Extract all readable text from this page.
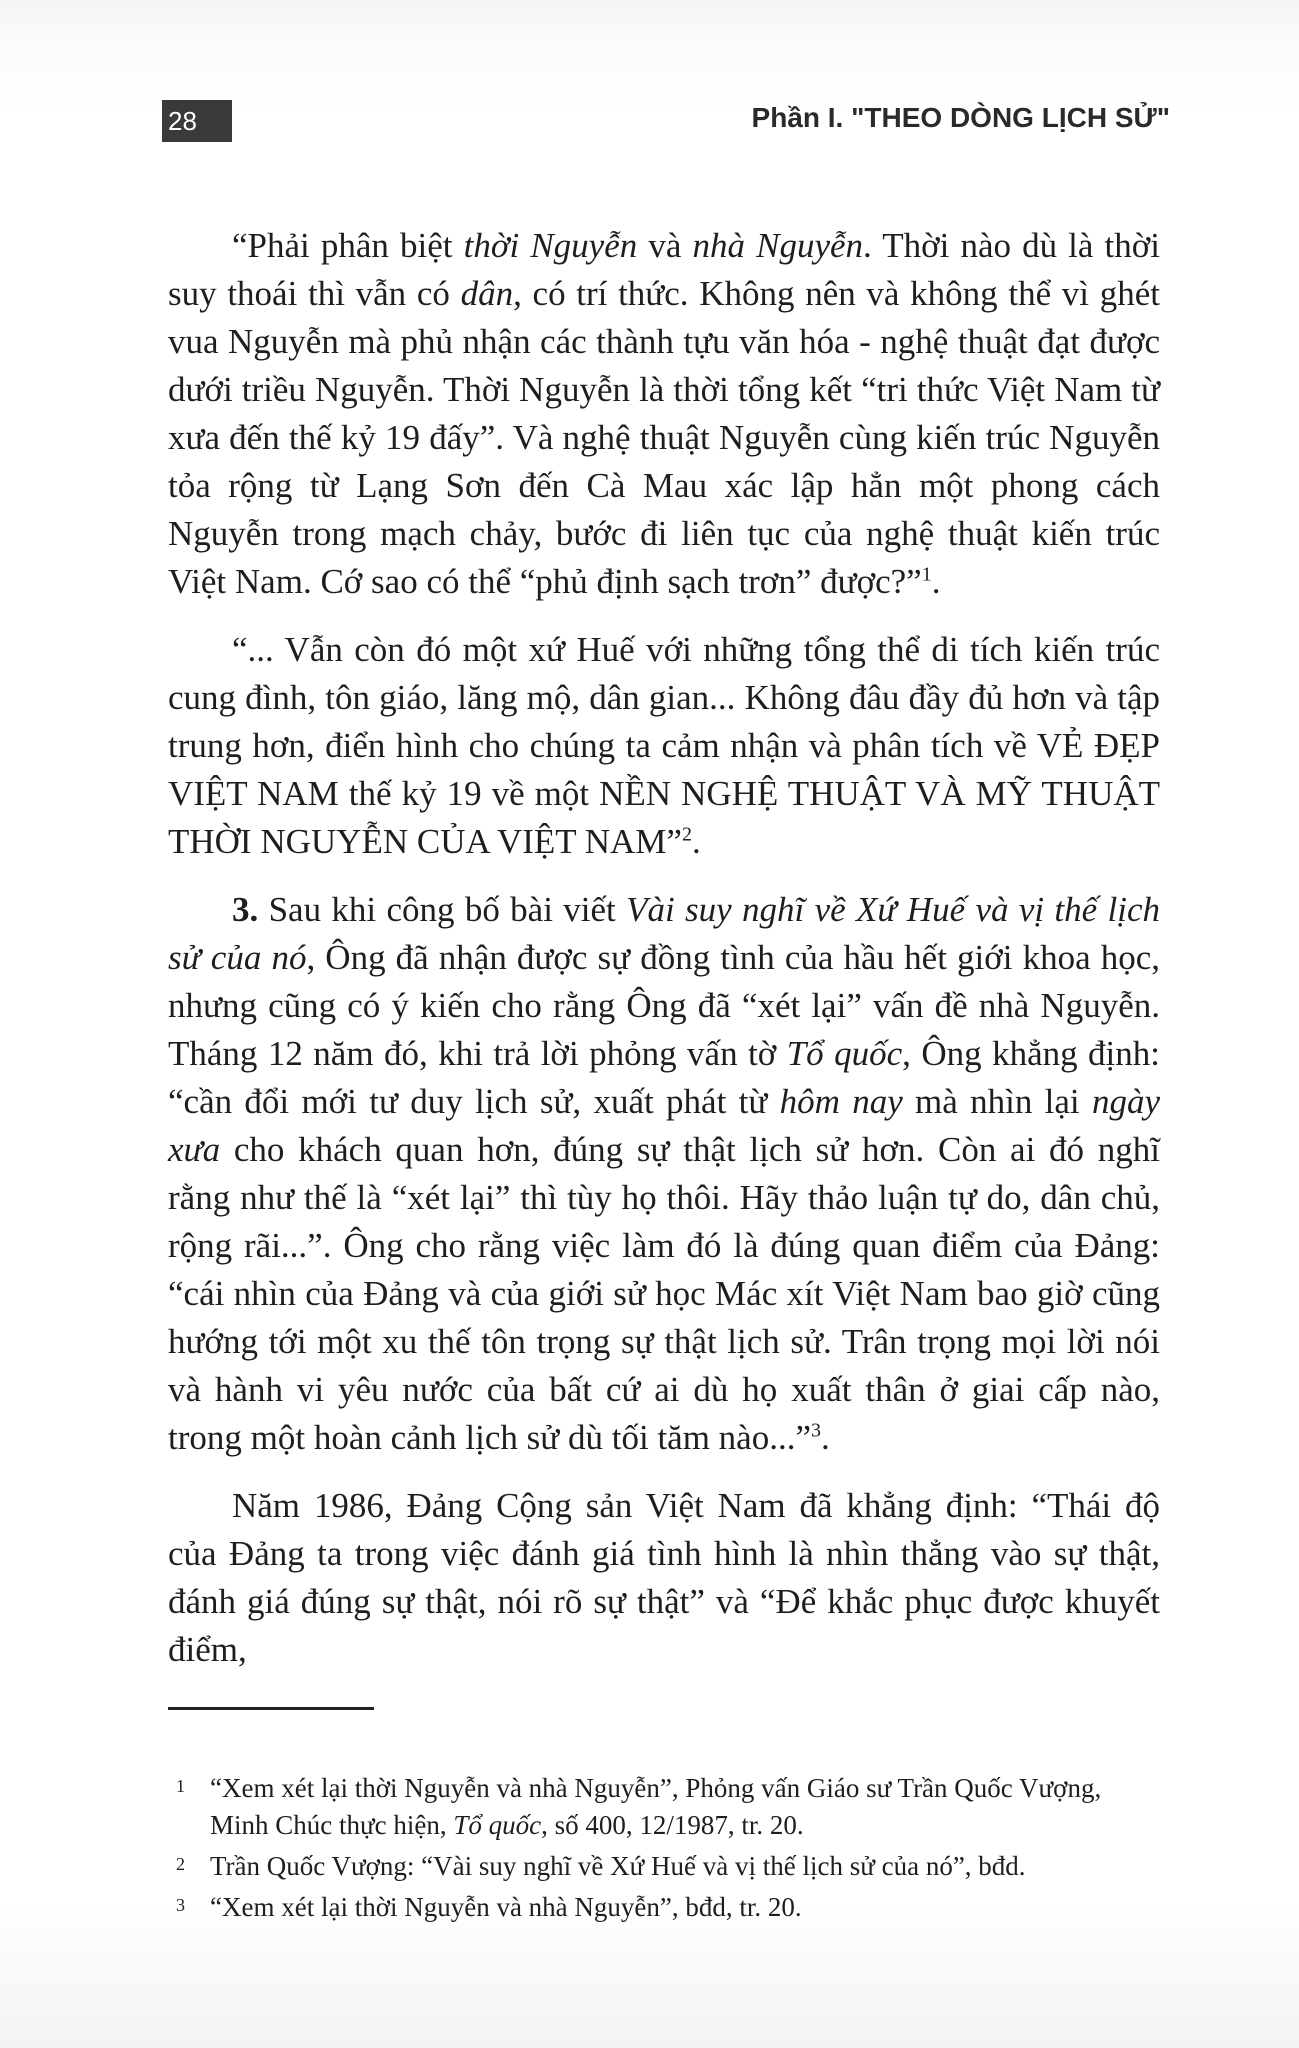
28	Phần I. "THEO DÒNG LỊCH SỬ"

“Phải phân biệt thời Nguyễn và nhà Nguyễn. Thời nào dù là thời suy thoái thì vẫn có dân, có trí thức. Không nên và không thể vì ghét vua Nguyễn mà phủ nhận các thành tựu văn hóa - nghệ thuật đạt được dưới triều Nguyễn. Thời Nguyễn là thời tổng kết “tri thức Việt Nam từ xưa đến thế kỷ 19 đấy”. Và nghệ thuật Nguyễn cùng kiến trúc Nguyễn tỏa rộng từ Lạng Sơn đến Cà Mau xác lập hẳn một phong cách Nguyễn trong mạch chảy, bước đi liên tục của nghệ thuật kiến trúc Việt Nam. Cớ sao có thể “phủ định sạch trơn” được?”$^1$.

“... Vẫn còn đó một xứ Huế với những tổng thể di tích kiến trúc cung đình, tôn giáo, lăng mộ, dân gian... Không đâu đầy đủ hơn và tập trung hơn, điển hình cho chúng ta cảm nhận và phân tích về VẺ ĐẸP VIỆT NAM thế kỷ 19 về một NỀN NGHỆ THUẬT VÀ MỸ THUẬT THỜI NGUYỄN CỦA VIỆT NAM”$^2$.

3. Sau khi công bố bài viết Vài suy nghĩ về Xứ Huế và vị thế lịch sử của nó, Ông đã nhận được sự đồng tình của hầu hết giới khoa học, nhưng cũng có ý kiến cho rằng Ông đã “xét lại” vấn đề nhà Nguyễn. Tháng 12 năm đó, khi trả lời phỏng vấn tờ Tổ quốc, Ông khẳng định: “cần đổi mới tư duy lịch sử, xuất phát từ hôm nay mà nhìn lại ngày xưa cho khách quan hơn, đúng sự thật lịch sử hơn. Còn ai đó nghĩ rằng như thế là “xét lại” thì tùy họ thôi. Hãy thảo luận tự do, dân chủ, rộng rãi...”. Ông cho rằng việc làm đó là đúng quan điểm của Đảng: “cái nhìn của Đảng và của giới sử học Mác xít Việt Nam bao giờ cũng hướng tới một xu thế tôn trọng sự thật lịch sử. Trân trọng mọi lời nói và hành vi yêu nước của bất cứ ai dù họ xuất thân ở giai cấp nào, trong một hoàn cảnh lịch sử dù tối tăm nào...”$^3$.

Năm 1986, Đảng Cộng sản Việt Nam đã khẳng định: “Thái độ của Đảng ta trong việc đánh giá tình hình là nhìn thẳng vào sự thật, đánh giá đúng sự thật, nói rõ sự thật” và “Để khắc phục được khuyết điểm,

1 “Xem xét lại thời Nguyễn và nhà Nguyễn”, Phỏng vấn Giáo sư Trần Quốc Vượng, Minh Chúc thực hiện, Tổ quốc, số 400, 12/1987, tr. 20.
2 Trần Quốc Vượng: “Vài suy nghĩ về Xứ Huế và vị thế lịch sử của nó”, bđd.
3 “Xem xét lại thời Nguyễn và nhà Nguyễn”, bđd, tr. 20.
